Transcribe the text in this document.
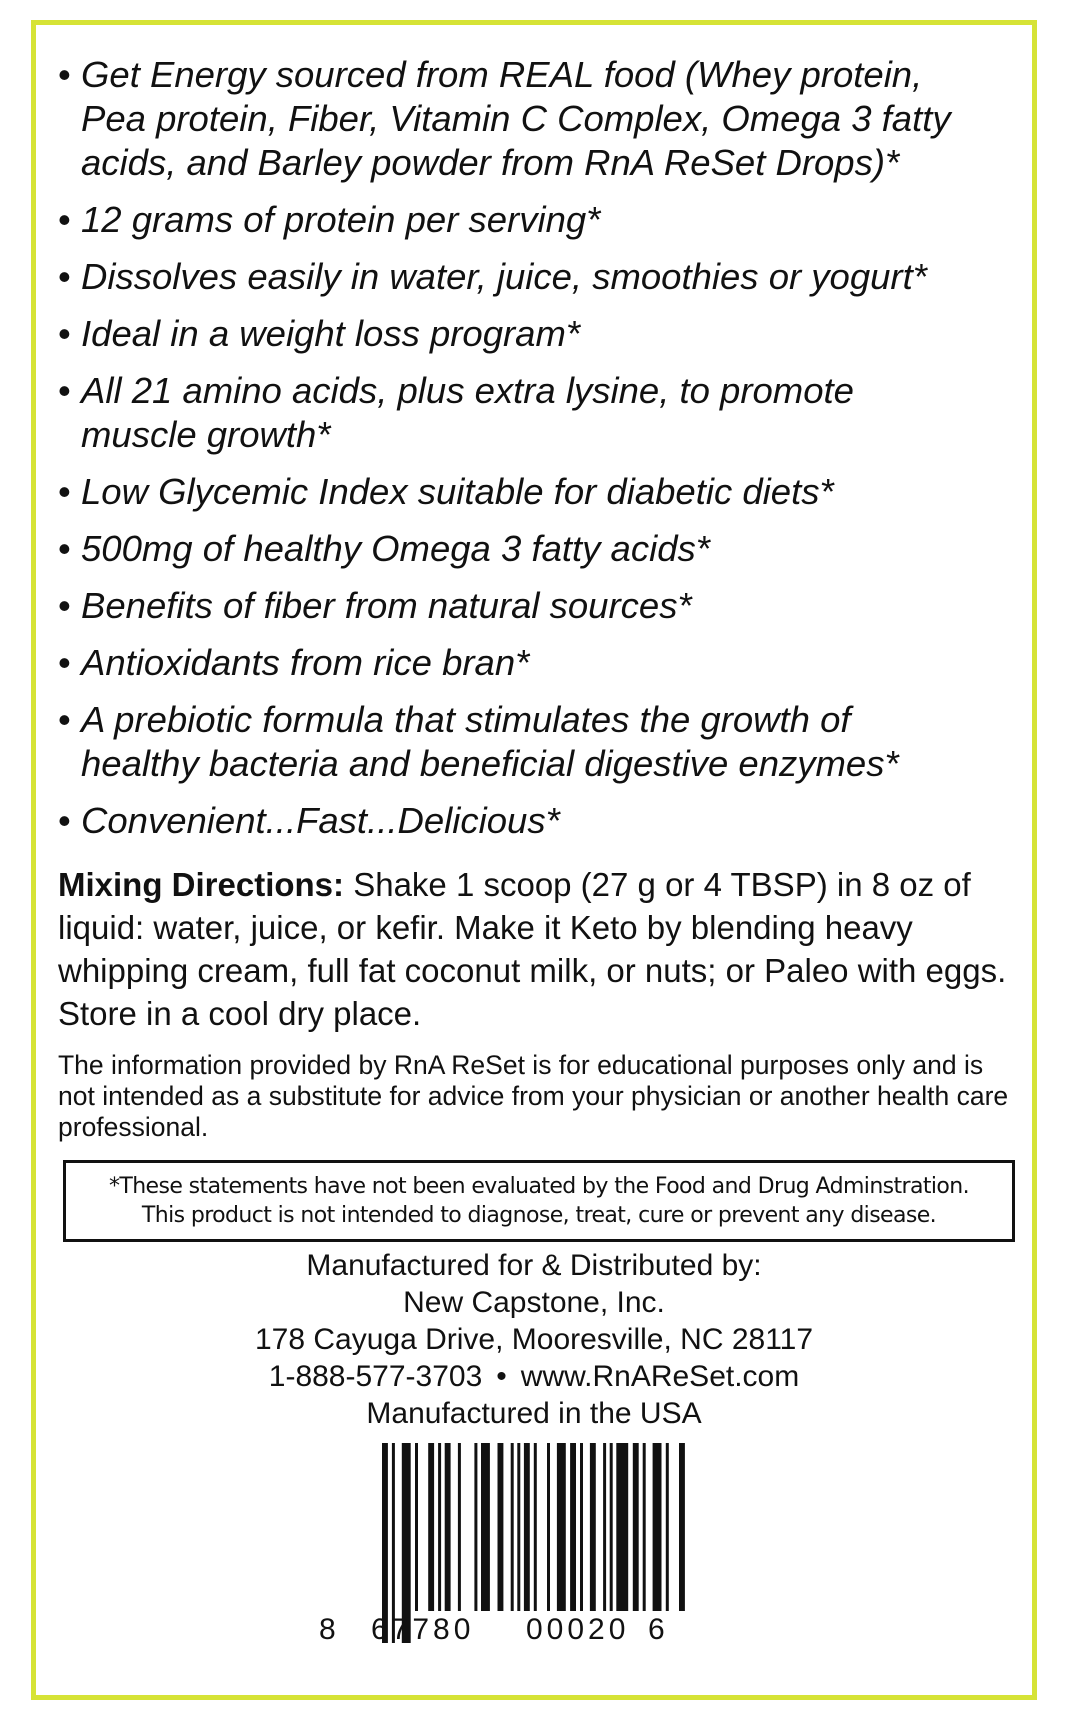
• Get Energy sourced from REAL food (Whey protein,
Pea protein, Fiber, Vitamin C Complex, Omega 3 fatty
acids, and Barley powder from RnA ReSet Drops)*
• 12 grams of protein per serving*
• Dissolves easily in water, juice, smoothies or yogurt*
• Ideal in a weight loss program*
• All 21 amino acids, plus extra lysine, to promote
muscle growth*
• Low Glycemic Index suitable for diabetic diets*
• 500mg of healthy Omega 3 fatty acids*
• Benefits of fiber from natural sources*
• Antioxidants from rice bran*
• A prebiotic formula that stimulates the growth of
healthy bacteria and beneficial digestive enzymes*
• Convenient...Fast...Delicious*

Mixing Directions: Shake 1 scoop (27 g or 4 TBSP) in 8 oz of liquid: water, juice, or kefir. Make it Keto by blending heavy whipping cream, full fat coconut milk, or nuts; or Paleo with eggs. Store in a cool dry place.

The information provided by RnA ReSet is for educational purposes only and is not intended as a substitute for advice from your physician or another health care professional.

*These statements have not been evaluated by the Food and Drug Adminstration.
This product is not intended to diagnose, treat, cure or prevent any disease.
Manufactured for & Distributed by:
New Capstone, Inc.
178 Cayuga Drive, Mooresville, NC 28117
1-888-577-3703 • www.RnAReSet.com
Manufactured in the USA
8 67780 00020 6
